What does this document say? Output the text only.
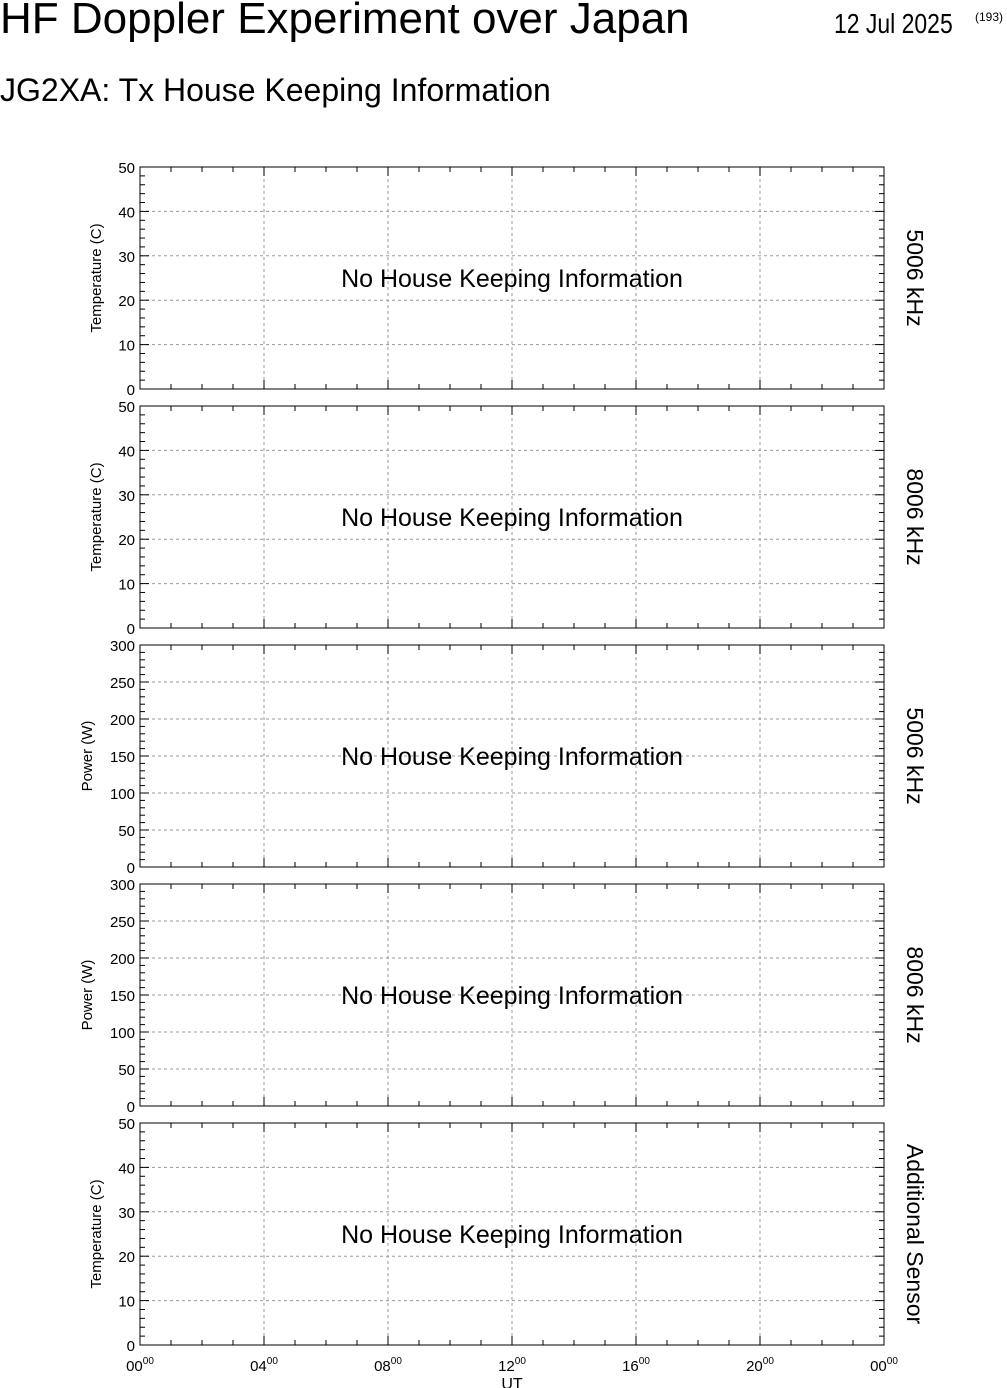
HF Doppler Experiment over Japan	12 Jul 2025 (193)
JG2XA: Tx House Keeping Information
0
10
20
30
40
50
Temperature (C)	5006 kHz
No House Keeping Information
0
10
20
30
40
50
Temperature (C)	8006 kHz
No House Keeping Information
0
50
100
150
200
250
300
Power (W)	5006 kHz
No House Keeping Information
0
50
100
150
200
250
300
Power (W)	8006 kHz
No House Keeping Information
0
10
20
30
40
50
Temperature (C)	Additional Sensor
No House Keeping Information
$00^{00}$	$04^{00}$	$08^{00}$	$12^{00}$	$16^{00}$	$20^{00}$	$00^{00}$
UT
